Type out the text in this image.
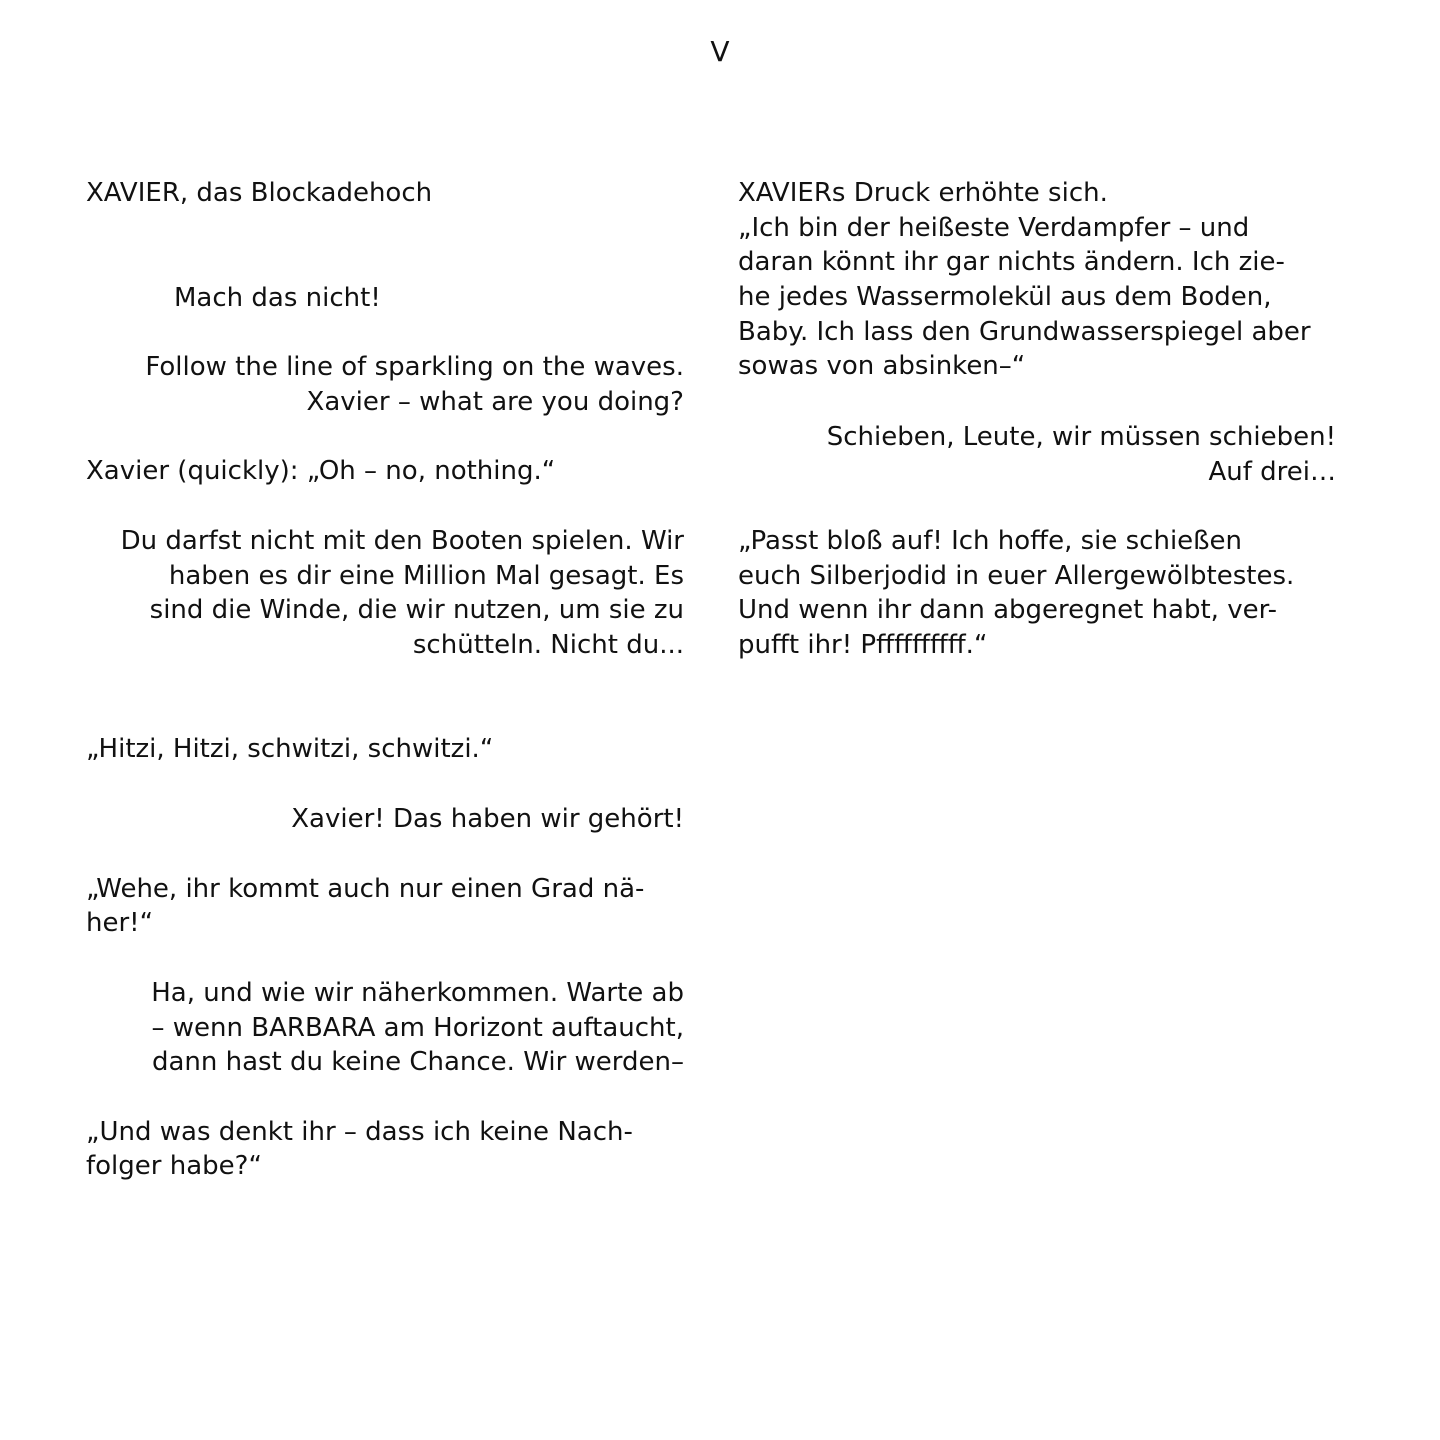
V
XAVIER, das Blockadehoch
Mach das nicht!
Follow the line of sparkling on the waves.
Xavier – what are you doing?
Xavier (quickly): „Oh – no, nothing.“
Du darfst nicht mit den Booten spielen. Wir
haben es dir eine Million Mal gesagt. Es
sind die Winde, die wir nutzen, um sie zu
schütteln. Nicht du...
„Hitzi, Hitzi, schwitzi, schwitzi.“
Xavier! Das haben wir gehört!
„Wehe, ihr kommt auch nur einen Grad nä-
her!“
Ha, und wie wir näherkommen. Warte ab
– wenn BARBARA am Horizont auftaucht,
dann hast du keine Chance. Wir werden–
„Und was denkt ihr – dass ich keine Nach-
folger habe?“
XAVIERs Druck erhöhte sich.
„Ich bin der heißeste Verdampfer – und
daran könnt ihr gar nichts ändern. Ich zie-
he jedes Wassermolekül aus dem Boden,
Baby. Ich lass den Grundwasserspiegel aber
sowas von absinken–“
Schieben, Leute, wir müssen schieben!
Auf drei…
„Passt bloß auf! Ich hoffe, sie schießen
euch Silberjodid in euer Allergewölbtestes.
Und wenn ihr dann abgeregnet habt, ver-
pufft ihr! Pffffffffff.“
